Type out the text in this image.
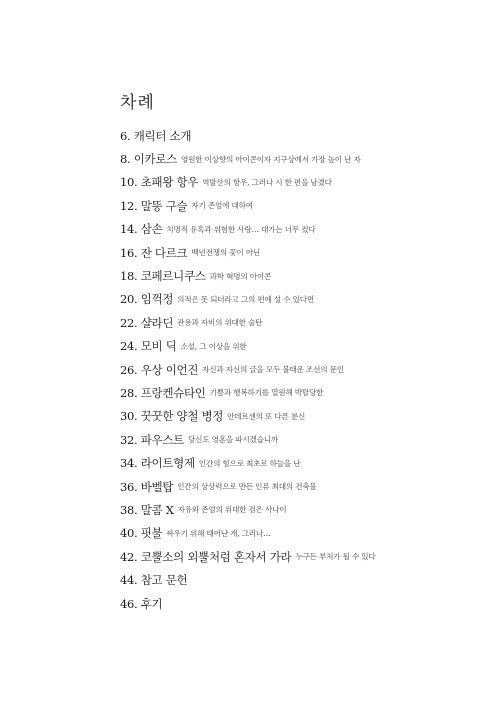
차례
6. 캐릭터 소개
8. 이카로스 영원한 이상향의 아이콘이자 지구상에서 가장 높이 난 자
10. 초패왕 항우 역발산의 항우, 그러나 시 한 편을 남겼다
12. 말똥 구슬 자기 존엄에 대하여
14. 삼손 치명적 유혹과 위험한 사랑… 대가는 너무 컸다
16. 잔 다르크 백년전쟁의 꽃이 아닌
18. 코페르니쿠스 과학 혁명의 아이콘
20. 임꺽정 의적은 못 되더라고 그의 편에 설 수 있다면
22. 샬라딘 관용과 자비의 위대한 술탄
24. 모비 딕 소설, 그 이상을 위한
26. 우상 이언진 자신과 자신의 글을 모두 불태운 조선의 문인
28. 프랑켄슈타인 기쁨과 행복하기를 열원해 박탈당한
30. 꿋꿋한 양철 병정 안데르센의 또 다른 분신
32. 파우스트 당신도 영혼을 파시겠습니까
34. 라이트형제 인간의 힘으로 최초로 하늘을 난
36. 바벨탑 인간의 상상력으로 만든 인류 최대의 건축물
38. 말콤 X 자유와 존엄의 위대한 검은 사나이
40. 핏불 싸우기 위해 태어난 개, 그러나…
42. 코뿔소의 외뿔처럼 혼자서 가라 누구든 부처가 될 수 있다
44. 참고 문헌
46. 후기
